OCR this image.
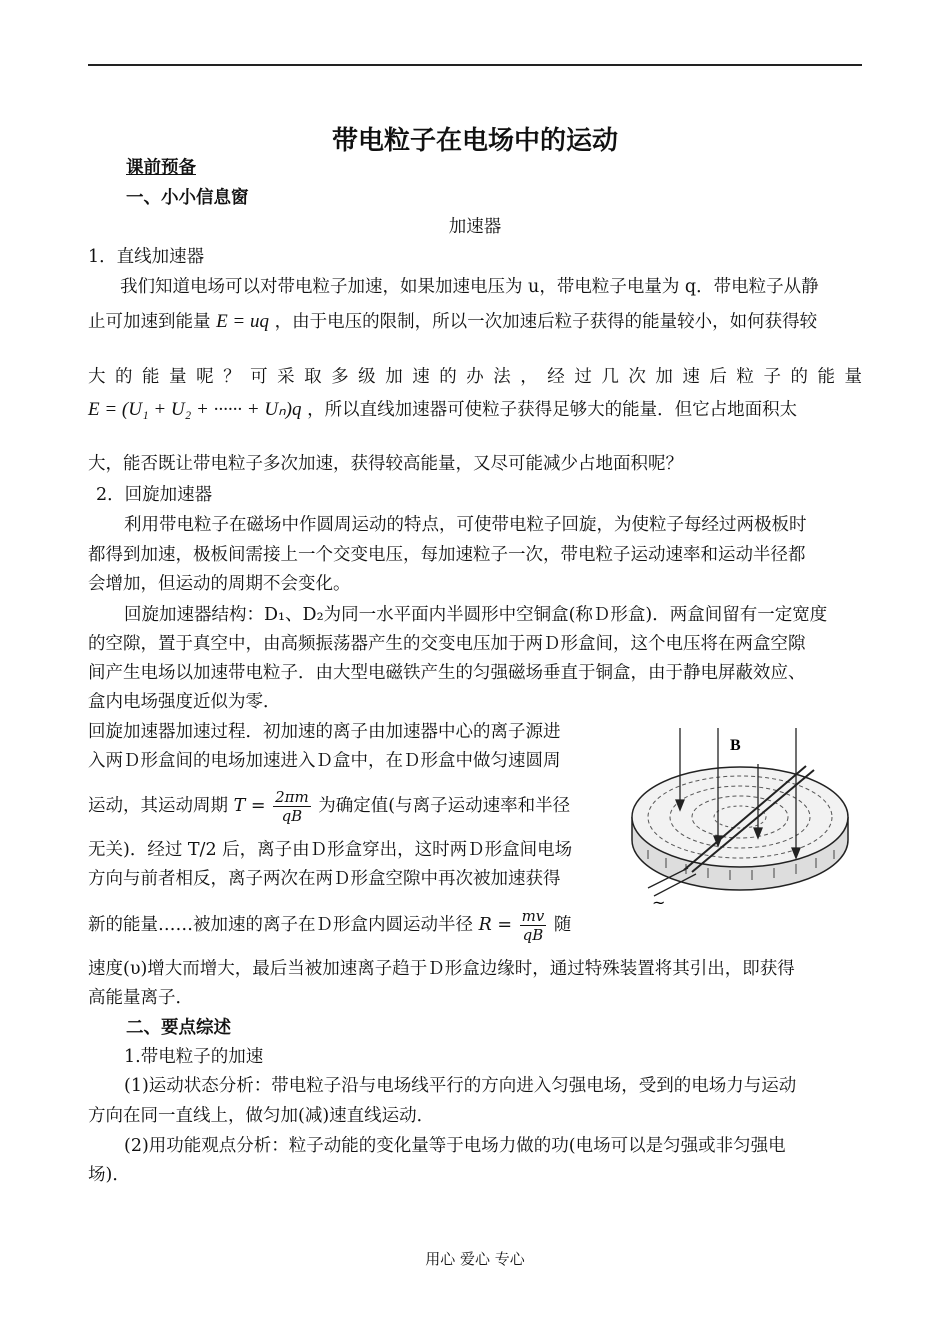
带电粒子在电场中的运动
课前预备
一、小小信息窗
加速器
1．直线加速器
我们知道电场可以对带电粒子加速，如果加速电压为 u，带电粒子电量为 q．带电粒子从静
止可加速到能量 E = uq ，由于电压的限制，所以一次加速后粒子获得的能量较小，如何获得较
大的能量呢？可采取多级加速的办法，经过几次加速后粒子的能量
E = (U₁ + U₂ + ······ + Uₙ)q ，所以直线加速器可使粒子获得足够大的能量．但它占地面积太
大，能否既让带电粒子多次加速，获得较高能量，又尽可能减少占地面积呢？
2．回旋加速器
利用带电粒子在磁场中作圆周运动的特点，可使带电粒子回旋，为使粒子每经过两极板时
都得到加速，极板间需接上一个交变电压，每加速粒子一次，带电粒子运动速率和运动半径都
会增加，但运动的周期不会变化。
回旋加速器结构：D₁、D₂为同一水平面内半圆形中空铜盒(称Ｄ形盒)．两盒间留有一定宽度
的空隙，置于真空中，由高频振荡器产生的交变电压加于两Ｄ形盒间，这个电压将在两盒空隙
间产生电场以加速带电粒子．由大型电磁铁产生的匀强磁场垂直于铜盒，由于静电屏蔽效应、
盒内电场强度近似为零．
回旋加速器加速过程．初加速的离子由加速器中心的离子源进
入两Ｄ形盒间的电场加速进入Ｄ盒中，在Ｄ形盒中做匀速圆周
运动，其运动周期 $T = \frac{2\pi m}{qB}$ 为确定值(与离子运动速率和半径
无关)．经过 T/2 后，离子由Ｄ形盒穿出，这时两Ｄ形盒间电场
方向与前者相反，离子两次在两Ｄ形盒空隙中再次被加速获得
新的能量……被加速的离子在Ｄ形盒内圆运动半径 $R = \frac{mv}{qB}$ 随
速度(υ)增大而增大，最后当被加速离子趋于Ｄ形盒边缘时，通过特殊装置将其引出，即获得
高能量离子．
B
~
二、要点综述
1.带电粒子的加速
(1)运动状态分析：带电粒子沿与电场线平行的方向进入匀强电场，受到的电场力与运动
方向在同一直线上，做匀加(减)速直线运动．
(2)用功能观点分析：粒子动能的变化量等于电场力做的功(电场可以是匀强或非匀强电
场)．
用心 爱心 专心
